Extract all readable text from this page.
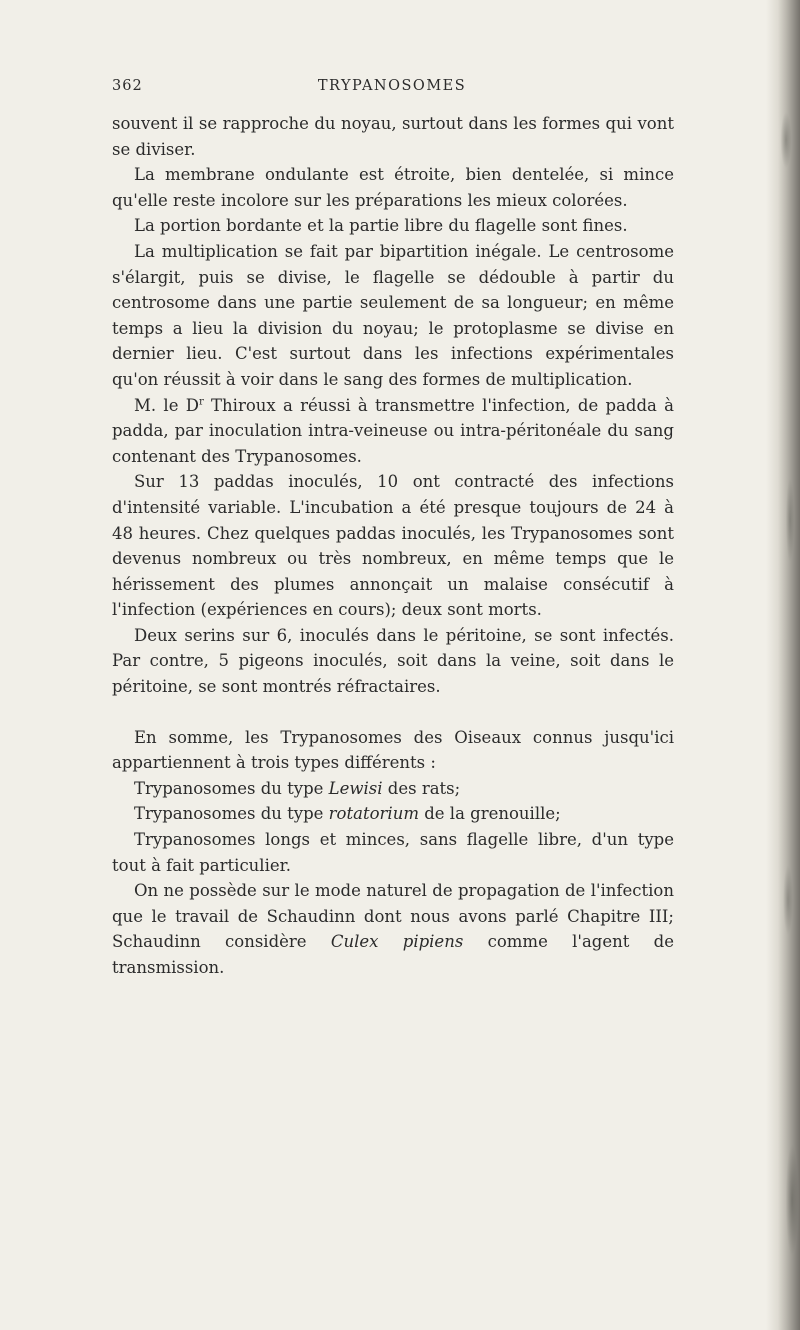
362	TRYPANOSOMES

souvent il se rapproche du noyau, surtout dans les formes qui vont se diviser.

La membrane ondulante est étroite, bien dentelée, si mince qu'elle reste incolore sur les préparations les mieux colorées.

La portion bordante et la partie libre du flagelle sont fines.

La multiplication se fait par bipartition inégale. Le centrosome s'élargit, puis se divise, le flagelle se dédouble à partir du centrosome dans une partie seulement de sa longueur; en même temps a lieu la division du noyau; le protoplasme se divise en dernier lieu. C'est surtout dans les infections expérimentales qu'on réussit à voir dans le sang des formes de multiplication.

M. le $D^r$ Thiroux a réussi à transmettre l'infection, de padda à padda, par inoculation intra-veineuse ou intra-péritonéale du sang contenant des Trypanosomes.

Sur 13 paddas inoculés, 10 ont contracté des infections d'intensité variable. L'incubation a été presque toujours de 24 à 48 heures. Chez quelques paddas inoculés, les Trypanosomes sont devenus nombreux ou très nombreux, en même temps que le hérissement des plumes annonçait un malaise consécutif à l'infection (expériences en cours); deux sont morts.

Deux serins sur 6, inoculés dans le péritoine, se sont infectés. Par contre, 5 pigeons inoculés, soit dans la veine, soit dans le péritoine, se sont montrés réfractaires.

En somme, les Trypanosomes des Oiseaux connus jusqu'ici appartiennent à trois types différents :

Trypanosomes du type Lewisi des rats;

Trypanosomes du type rotatorium de la grenouille;

Trypanosomes longs et minces, sans flagelle libre, d'un type tout à fait particulier.

On ne possède sur le mode naturel de propagation de l'infection que le travail de Schaudinn dont nous avons parlé Chapitre III; Schaudinn considère Culex pipiens comme l'agent de transmission.
